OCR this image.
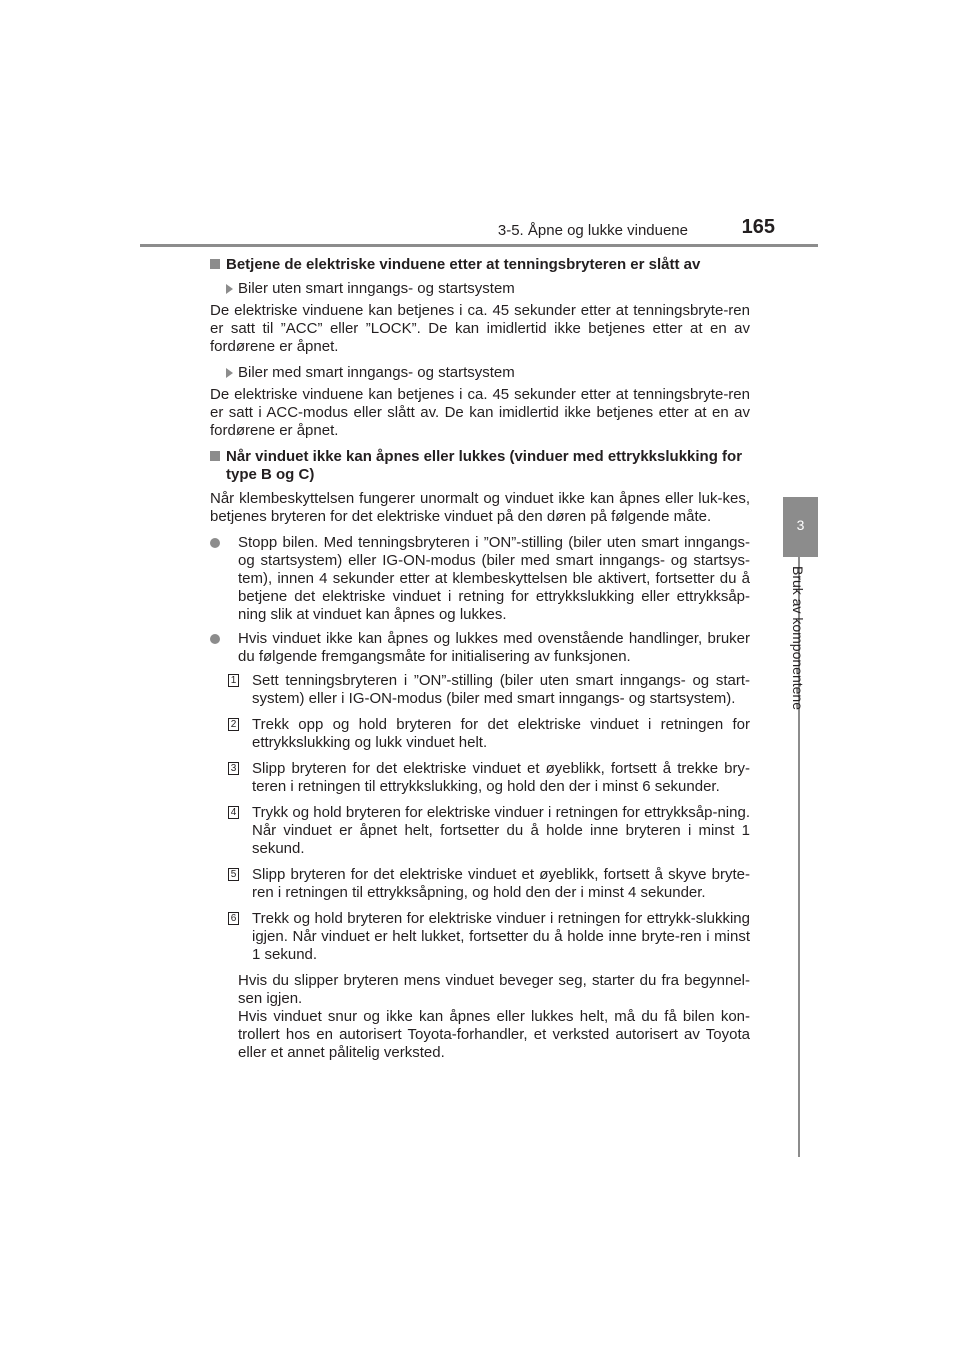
3-5. Åpne og lukke vinduene	165
3
Bruk av komponentene
Betjene de elektriske vinduene etter at tenningsbryteren er slått av
Biler uten smart inngangs- og startsystem
De elektriske vinduene kan betjenes i ca. 45 sekunder etter at tenningsbryte-ren er satt til ”ACC” eller ”LOCK”. De kan imidlertid ikke betjenes etter at en av fordørene er åpnet.
Biler med smart inngangs- og startsystem
De elektriske vinduene kan betjenes i ca. 45 sekunder etter at tenningsbryte-ren er satt i ACC-modus eller slått av. De kan imidlertid ikke betjenes etter at en av fordørene er åpnet.
Når vinduet ikke kan åpnes eller lukkes (vinduer med ettrykkslukking for type B og C)
Når klembeskyttelsen fungerer unormalt og vinduet ikke kan åpnes eller luk-kes, betjenes bryteren for det elektriske vinduet på den døren på følgende måte.
Stopp bilen. Med tenningsbryteren i ”ON”-stilling (biler uten smart inngangs- og startsystem) eller IG-ON-modus (biler med smart inngangs- og startsys-tem), innen 4 sekunder etter at klembeskyttelsen ble aktivert, fortsetter du å betjene det elektriske vinduet i retning for ettrykkslukking eller ettrykksåp-ning slik at vinduet kan åpnes og lukkes.
Hvis vinduet ikke kan åpnes og lukkes med ovenstående handlinger, bruker du følgende fremgangsmåte for initialisering av funksjonen.
1 Sett tenningsbryteren i ”ON”-stilling (biler uten smart inngangs- og start-system) eller i IG-ON-modus (biler med smart inngangs- og startsystem).
2 Trekk opp og hold bryteren for det elektriske vinduet i retningen for ettrykkslukking og lukk vinduet helt.
3 Slipp bryteren for det elektriske vinduet et øyeblikk, fortsett å trekke bry-teren i retningen til ettrykkslukking, og hold den der i minst 6 sekunder.
4 Trykk og hold bryteren for elektriske vinduer i retningen for ettrykksåp-ning. Når vinduet er åpnet helt, fortsetter du å holde inne bryteren i minst 1 sekund.
5 Slipp bryteren for det elektriske vinduet et øyeblikk, fortsett å skyve bryte-ren i retningen til ettrykksåpning, og hold den der i minst 4 sekunder.
6 Trekk og hold bryteren for elektriske vinduer i retningen for ettrykk-slukking igjen. Når vinduet er helt lukket, fortsetter du å holde inne bryte-ren i minst 1 sekund.
Hvis du slipper bryteren mens vinduet beveger seg, starter du fra begynnel-sen igjen.
Hvis vinduet snur og ikke kan åpnes eller lukkes helt, må du få bilen kon-trollert hos en autorisert Toyota-forhandler, et verksted autorisert av Toyota eller et annet pålitelig verksted.
